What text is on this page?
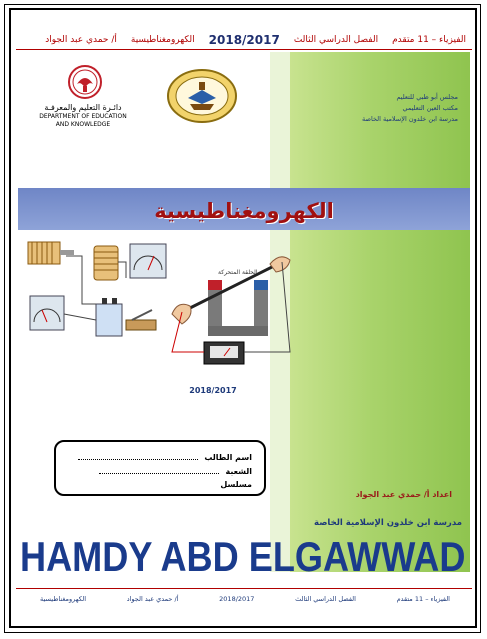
الفيزياء – 11 متقدم
الفصل الدراسي الثالث
2018/2017
الكهرومغناطيسية
أ/ حمدي عبد الجواد
مجلس أبو ظبي للتعليم
مكتب العين التعليمي
مدرسة ابن خلدون الإسلامية الخاصة
دائـرة التعليم والمعرفـة
DEPARTMENT OF EDUCATION
AND KNOWLEDGE
الكهرومغناطيسية
الحلقة المتحركة
2018/2017
اسم الطالب
الشعبة
مسلسل
اعداد أ/ حمدي عبد الجواد
مدرسة ابن خلدون الإسلامية الخاصة
HAMDY ABD ELGAWWAD
الفيزياء – 11 متقدم
الفصل الدراسي الثالث
2018/2017
أ/ حمدي عبد الجواد
الكهرومغناطيسية
